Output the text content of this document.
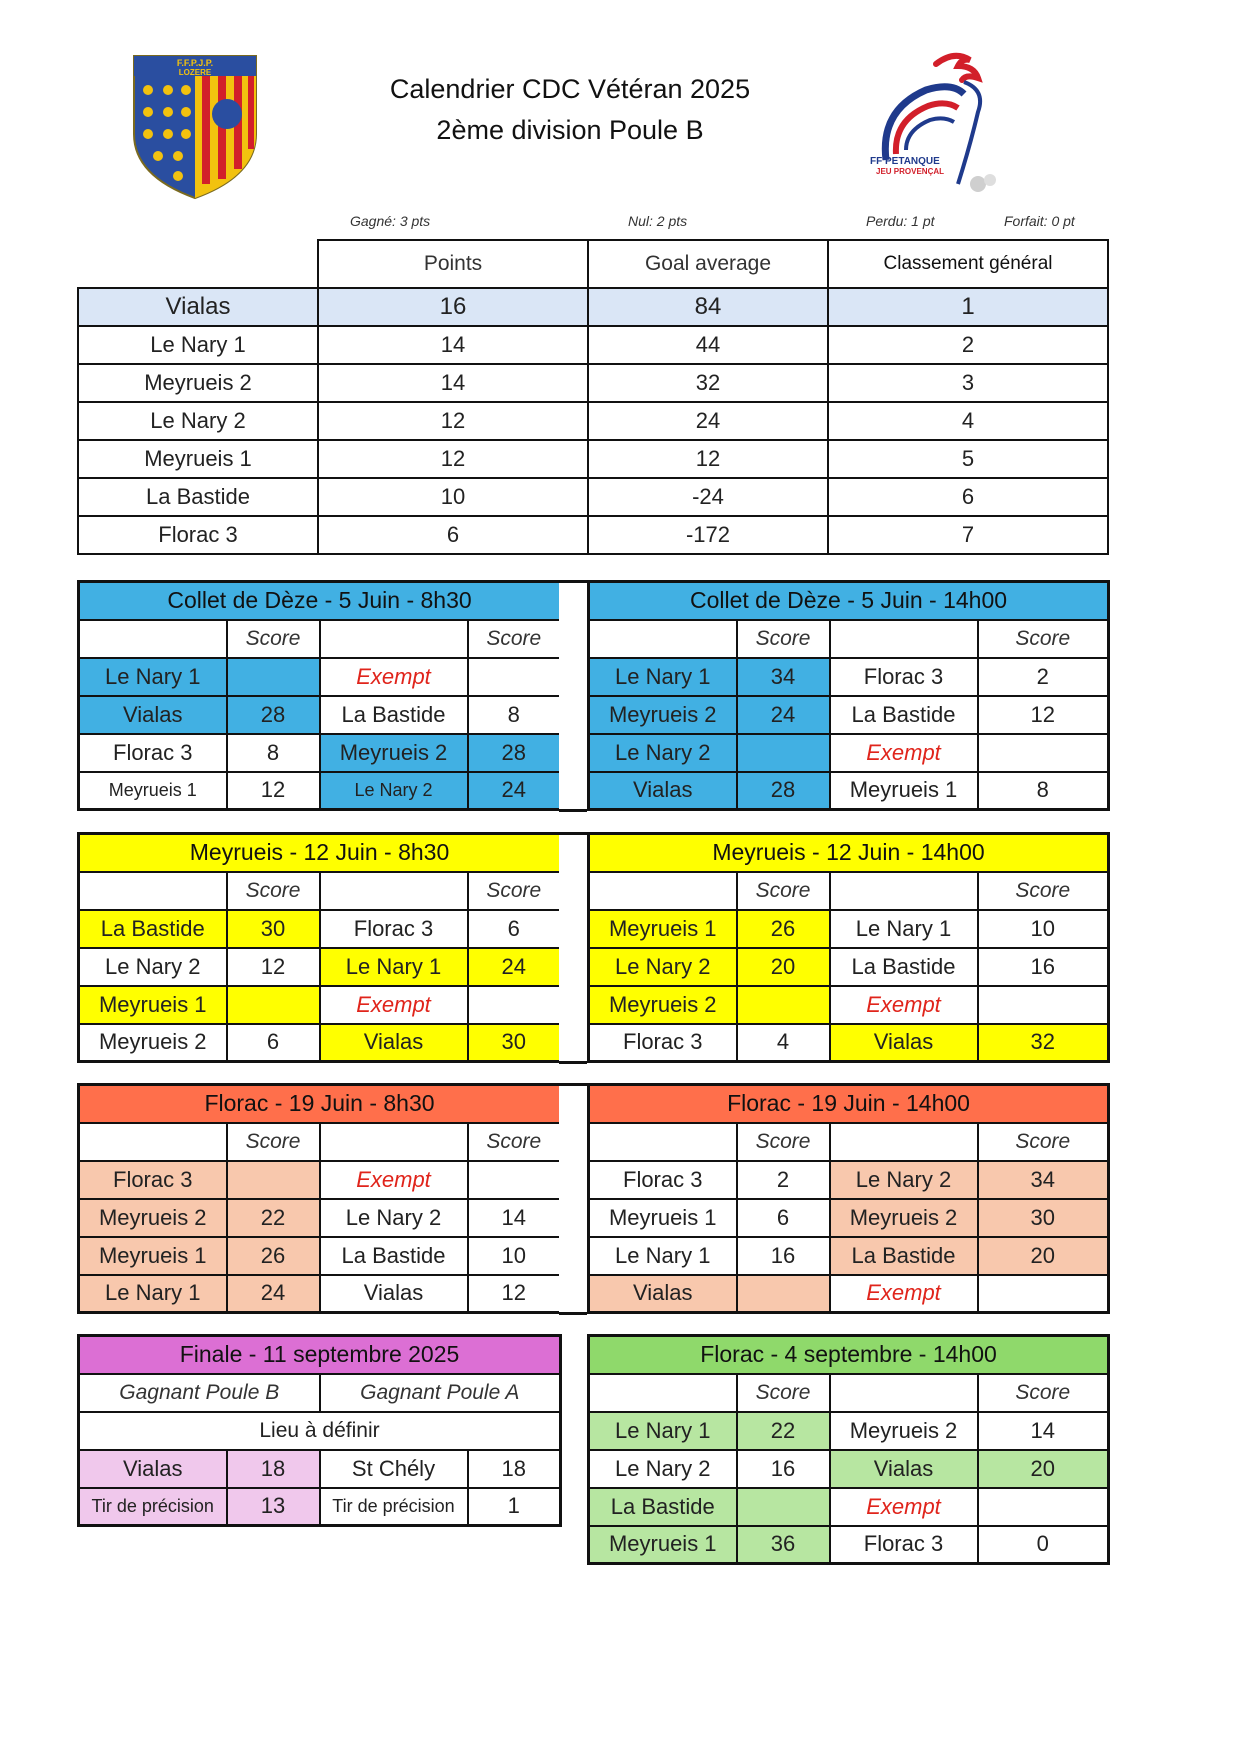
Calendrier CDC Vétéran 2025
2ème division Poule B
F.F.P.J.P.
LOZERE
FF PETANQUE
JEU PROVENÇAL
Gagné: 3 pts	Nul: 2 pts	Perdu: 1 pt	Forfait: 0 pt
	Points	Goal average	Classement général
Vialas	16	84	1
Le Nary 1	14	44	2
Meyrueis 2	14	32	3
Le Nary 2	12	24	4
Meyrueis 1	12	12	5
La Bastide	10	-24	6
Florac 3	6	-172	7
Collet de Dèze - 5 Juin - 8h30			
	Score		Score
Le Nary 1		Exempt	
Vialas	28	La Bastide	8
Florac 3	8	Meyrueis 2	28
Meyrueis 1	12	Le Nary 2	24
Collet de Dèze - 5 Juin - 14h00			
	Score		Score
Le Nary 1	34	Florac 3	2
Meyrueis 2	24	La Bastide	12
Le Nary 2		Exempt	
Vialas	28	Meyrueis 1	8
Meyrueis - 12 Juin - 8h30			
	Score		Score
La Bastide	30	Florac 3	6
Le Nary 2	12	Le Nary 1	24
Meyrueis 1		Exempt	
Meyrueis 2	6	Vialas	30
Meyrueis - 12 Juin - 14h00			
	Score		Score
Meyrueis 1	26	Le Nary 1	10
Le Nary 2	20	La Bastide	16
Meyrueis 2		Exempt	
Florac 3	4	Vialas	32
Florac - 19 Juin - 8h30			
	Score		Score
Florac 3		Exempt	
Meyrueis 2	22	Le Nary 2	14
Meyrueis 1	26	La Bastide	10
Le Nary 1	24	Vialas	12
Florac - 19 Juin - 14h00			
	Score		Score
Florac 3	2	Le Nary 2	34
Meyrueis 1	6	Meyrueis 2	30
Le Nary 1	16	La Bastide	20
Vialas		Exempt	
Florac - 4 septembre - 14h00			
	Score		Score
Le Nary 1	22	Meyrueis 2	14
Le Nary 2	16	Vialas	20
La Bastide		Exempt	
Meyrueis 1	36	Florac 3	0
Finale - 11 septembre 2025			
Gagnant Poule B		Gagnant Poule A	
Lieu à définir			
Vialas	18	St Chély	18
Tir de précision	13	Tir de précision	1
